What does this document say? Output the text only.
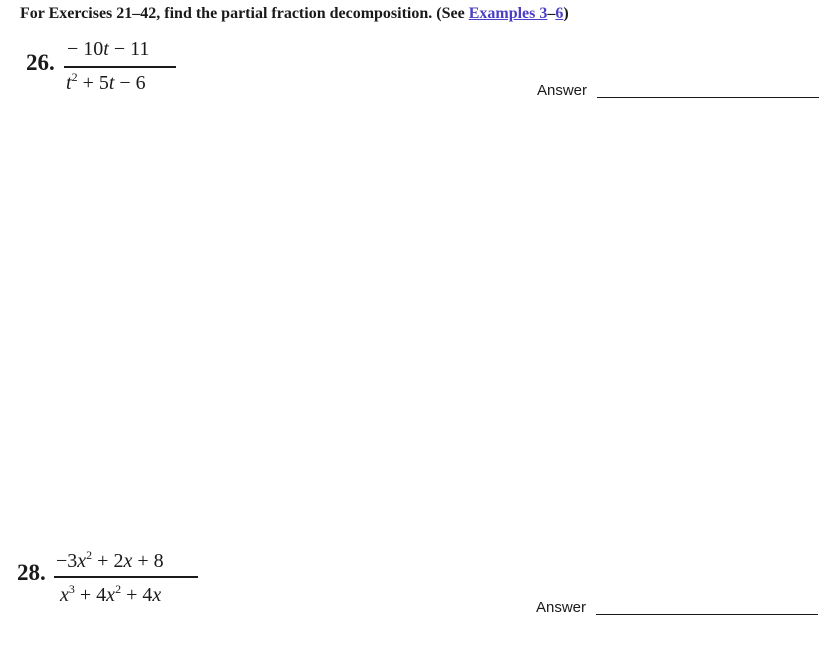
For Exercises 21–42, find the partial fraction decomposition. (See Examples 3–6)
26.
− 10t − 11
$t^2 + 5t - 6$	Answer
28. $-3x^2 + 2x + 8$
$x^3 + 4x^2 + 4x$
Answer
